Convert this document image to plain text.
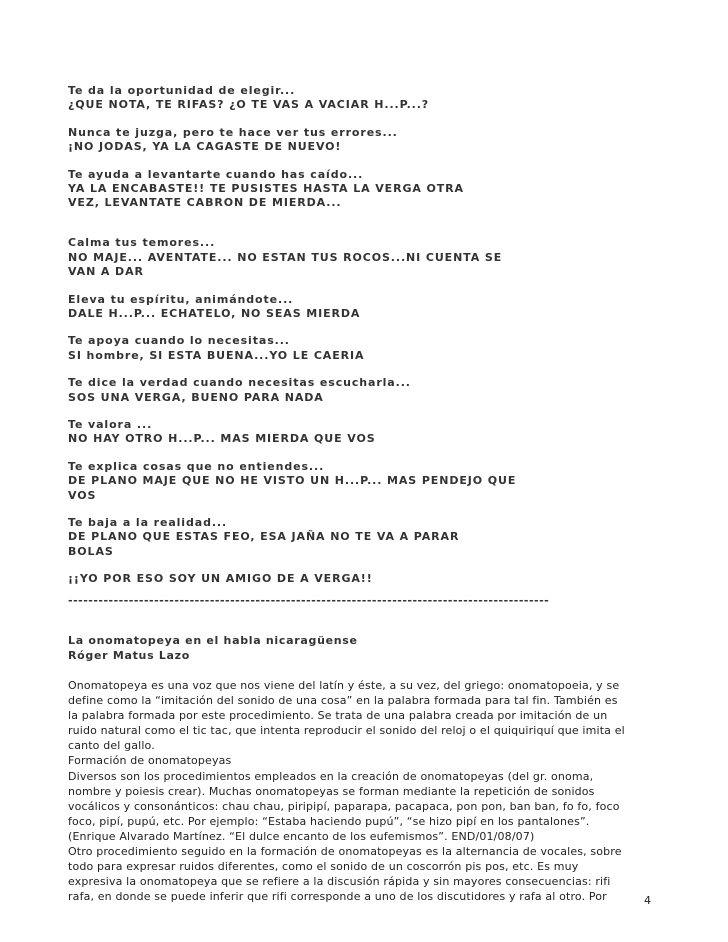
Te da la oportunidad de elegir...
¿QUE NOTA, TE RIFAS? ¿O TE VAS A VACIAR H...P...?

Nunca te juzga, pero te hace ver tus errores...
¡NO JODAS, YA LA CAGASTE DE NUEVO!

Te ayuda a levantarte cuando has caído...
YA LA ENCABASTE!! TE PUSISTES HASTA LA VERGA OTRA
VEZ, LEVANTATE CABRON DE MIERDA...

Calma tus temores...
NO MAJE... AVENTATE... NO ESTAN TUS ROCOS...NI CUENTA SE
VAN A DAR

Eleva tu espíritu, animándote...
DALE H...P... ECHATELO, NO SEAS MIERDA

Te apoya cuando lo necesitas...
SI hombre, SI ESTA BUENA...YO LE CAERIA

Te dice la verdad cuando necesitas escucharla...
SOS UNA VERGA, BUENO PARA NADA

Te valora ...
NO HAY OTRO H...P... MAS MIERDA QUE VOS

Te explica cosas que no entiendes...
DE PLANO MAJE QUE NO HE VISTO UN H...P... MAS PENDEJO QUE
VOS

Te baja a la realidad...
DE PLANO QUE ESTAS FEO, ESA JAÑA NO TE VA A PARAR
BOLAS

¡¡YO POR ESO SOY UN AMIGO DE A VERGA!!

-----------------------------------------------------------------------------------------------
La onomatopeya en el habla nicaragüense
Róger Matus Lazo
Onomatopeya es una voz que nos viene del latín y éste, a su vez, del griego: onomatopoeia, y se
define como la “imitación del sonido de una cosa” en la palabra formada para tal fin. También es
la palabra formada por este procedimiento. Se trata de una palabra creada por imitación de un
ruido natural como el tic tac, que intenta reproducir el sonido del reloj o el quiquiriquí que imita el
canto del gallo.
Formación de onomatopeyas
Diversos son los procedimientos empleados en la creación de onomatopeyas (del gr. onoma,
nombre y poiesis crear). Muchas onomatopeyas se forman mediante la repetición de sonidos
vocálicos y consonánticos: chau chau, piripipí, paparapa, pacapaca, pon pon, ban ban, fo fo, foco
foco, pipí, pupú, etc. Por ejemplo: “Estaba haciendo pupú”, “se hizo pipí en los pantalones”.
(Enrique Alvarado Martínez. “El dulce encanto de los eufemismos”. END/01/08/07)
Otro procedimiento seguido en la formación de onomatopeyas es la alternancia de vocales, sobre
todo para expresar ruidos diferentes, como el sonido de un coscorrón pis pos, etc. Es muy
expresiva la onomatopeya que se refiere a la discusión rápida y sin mayores consecuencias: rifi
rafa, en donde se puede inferir que rifi corresponde a uno de los discutidores y rafa al otro. Por	4
